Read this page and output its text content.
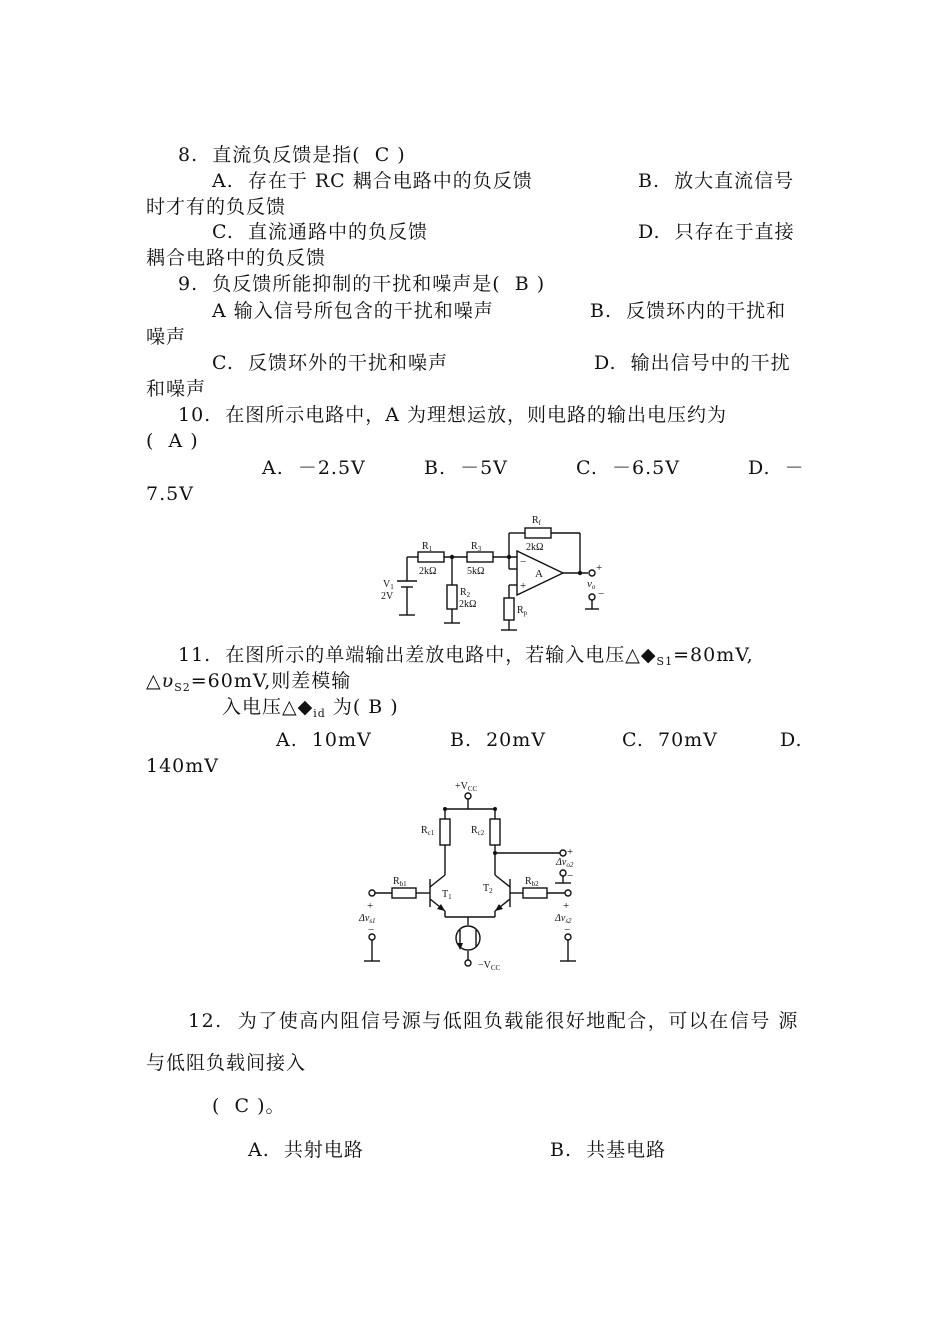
8.  直流负反馈是指(  C )
A.  存在于 RC 耦合电路中的负反馈	B.  放大直流信号
时才有的负反馈
C.  直流通路中的负反馈	D.  只存在于直接
耦合电路中的负反馈
9.  负反馈所能抑制的干扰和噪声是(  B )
A 输入信号所包含的干扰和噪声	B.  反馈环内的干扰和
噪声
C.  反馈环外的干扰和噪声	D.  输出信号中的干扰
和噪声
10.  在图所示电路中，A 为理想运放，则电路的输出电压约为
(  A )
A.  －2.5V	B.  －5V	C.  －6.5V	D.  －
7.5V
$R_1$
2kΩ
$R_2$
2kΩ
$R_3$
5kΩ
$R_f$
2kΩ
$R_p$
$V_1$
2V
A
−
+
+
vo
−
11.  在图所示的单端输出差放电路中，若输入电压$\triangle◆_{S1}=80mV$,
$\triangle\upsilon_{S2}=60mV$,则差模输
入电压$\triangle◆_{id}$ 为( B )
A.  10mV	B.  20mV	C.  70mV	D.
140mV
$+V_{CC}$
$-V_{CC}$
$R_{c1}$	$R_{c2}$
$R_{b1}$	$R_{b2}$
$T_1$
$T_2$
+
$\Delta v_{s1}$
−
+
$\Delta v_{s2}$
−
+
$\Delta v_{o2}$
−
12.  为了使高内阻信号源与低阻负载能很好地配合，可以在信号 源
与低阻负载间接入
(  C )。
A.  共射电路	B.  共基电路
